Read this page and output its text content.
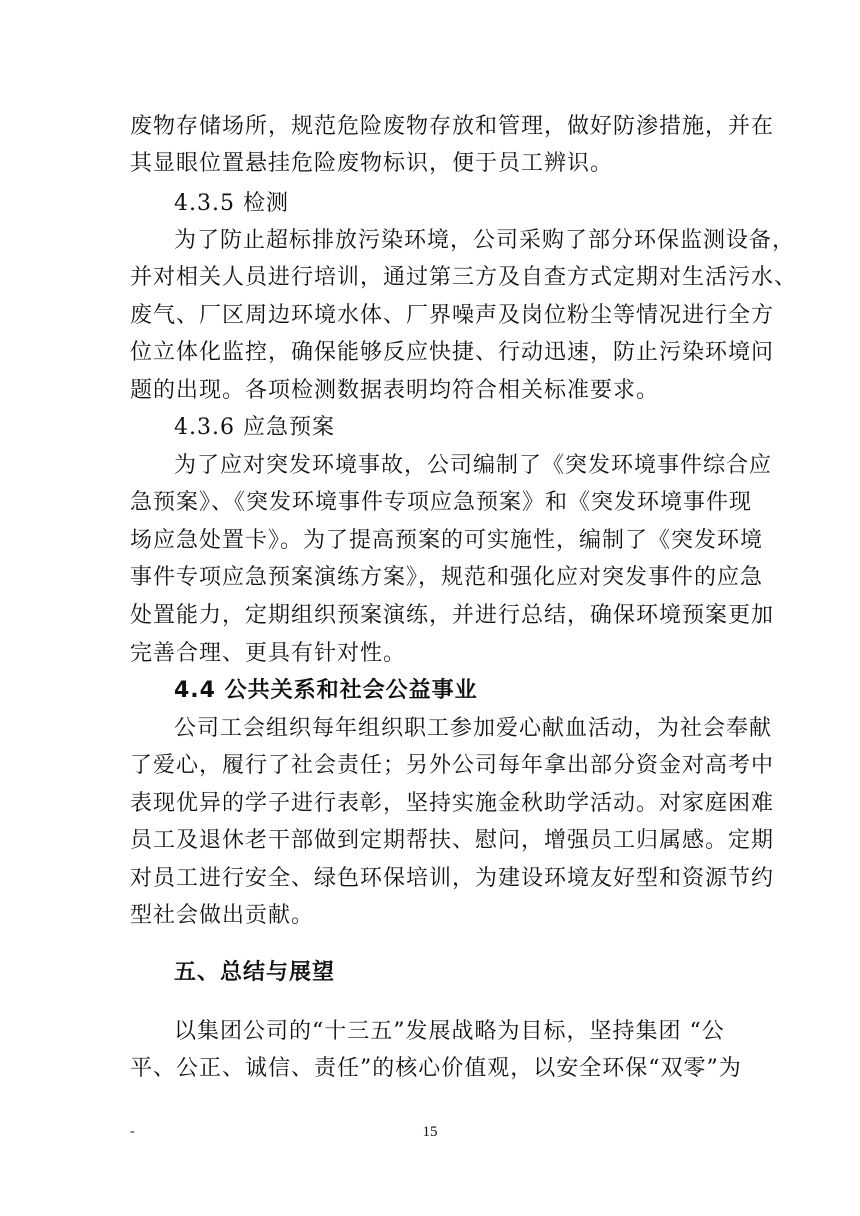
废物存储场所，规范危险废物存放和管理，做好防渗措施，并在
其显眼位置悬挂危险废物标识，便于员工辨识。
4.3.5 检测
为了防止超标排放污染环境，公司采购了部分环保监测设备，
并对相关人员进行培训，通过第三方及自查方式定期对生活污水、
废气、厂区周边环境水体、厂界噪声及岗位粉尘等情况进行全方
位立体化监控，确保能够反应快捷、行动迅速，防止污染环境问
题的出现。各项检测数据表明均符合相关标准要求。
4.3.6 应急预案
为了应对突发环境事故，公司编制了《突发环境事件综合应
急预案》、《突发环境事件专项应急预案》和《突发环境事件现
场应急处置卡》。为了提高预案的可实施性，编制了《突发环境
事件专项应急预案演练方案》，规范和强化应对突发事件的应急
处置能力，定期组织预案演练，并进行总结，确保环境预案更加
完善合理、更具有针对性。
4.4 公共关系和社会公益事业
公司工会组织每年组织职工参加爱心献血活动，为社会奉献
了爱心，履行了社会责任；另外公司每年拿出部分资金对高考中
表现优异的学子进行表彰，坚持实施金秋助学活动。对家庭困难
员工及退休老干部做到定期帮扶、慰问，增强员工归属感。定期
对员工进行安全、绿色环保培训，为建设环境友好型和资源节约
型社会做出贡献。
五、总结与展望
以集团公司的“十三五”发展战略为目标，坚持集团 “公
平、公正、诚信、责任”的核心价值观，以安全环保“双零”为
-	15
